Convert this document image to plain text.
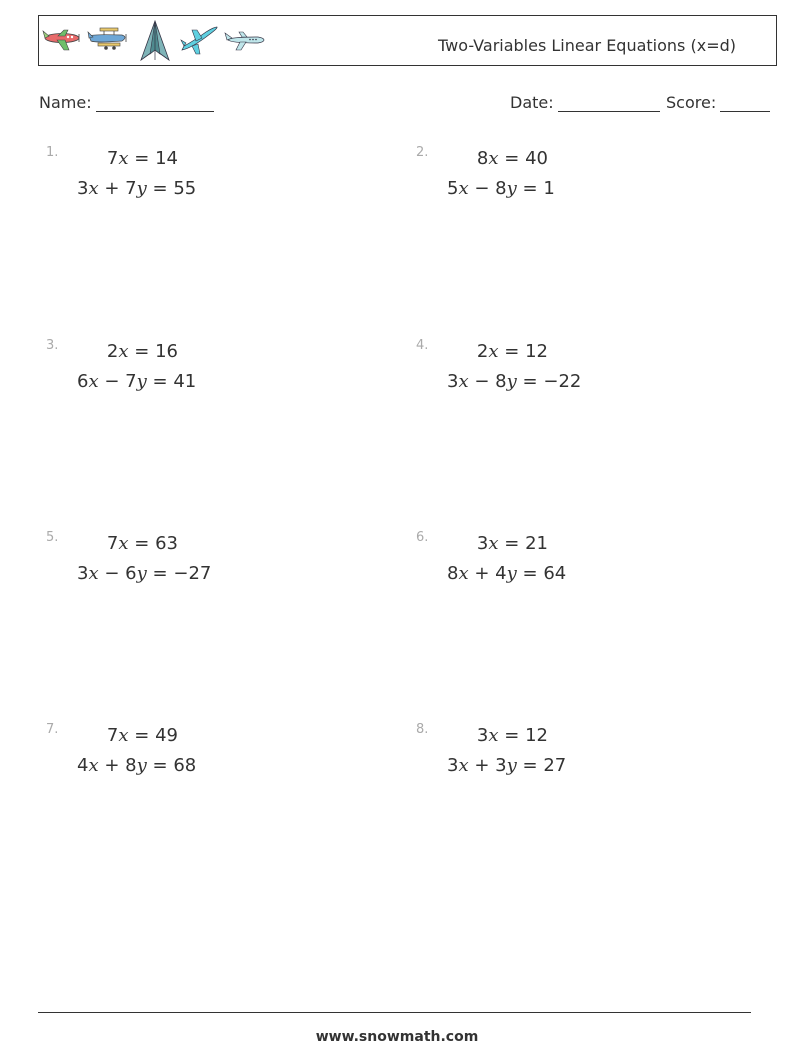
Two-Variables Linear Equations (x=d)
Name:	Date:	Score:
1.	7x = 14
3x + 7y = 55
2.	8x = 40
5x − 8y = 1
3.	2x = 16
6x − 7y = 41
4.	2x = 12
3x − 8y = −22
5.	7x = 63
3x − 6y = −27
6.	3x = 21
8x + 4y = 64
7.	7x = 49
4x + 8y = 68
8.	3x = 12
3x + 3y = 27
www.snowmath.com
